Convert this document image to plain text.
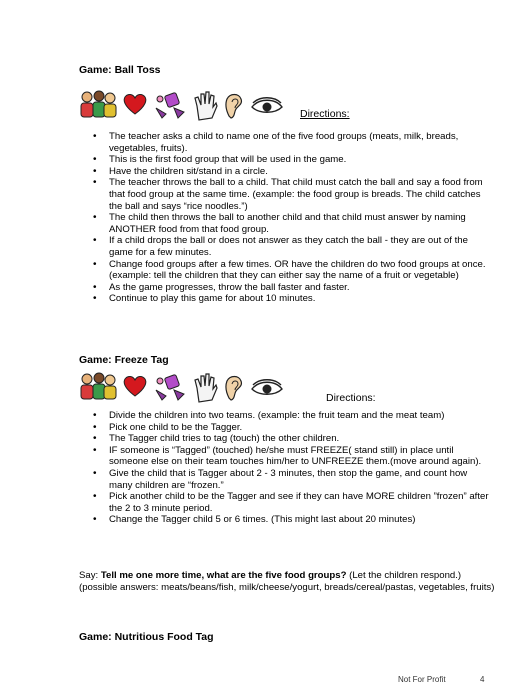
Game: Ball Toss
Directions:
• The teacher asks a child to name one of the five food groups (meats, milk, breads, vegetables, fruits).
• This is the first food group that will be used in the game.
• Have the children sit/stand in a circle.
• The teacher throws the ball to a child. That child must catch the ball and say a food from that food group at the same time. (example: the food group is breads. The child catches the ball and says “rice noodles.”)
• The child then throws the ball to another child and that child must answer by naming ANOTHER food from that food group.
• If a child drops the ball or does not answer as they catch the ball - they are out of the game for a few minutes.
• Change food groups after a few times. OR have the children do two food groups at once. (example: tell the children that they can either say the name of a fruit or vegetable)
• As the game progresses, throw the ball faster and faster.
• Continue to play this game for about 10 minutes.
Game: Freeze Tag
Directions:
• Divide the children into two teams. (example: the fruit team and the meat team)
• Pick one child to be the Tagger.
• The Tagger child tries to tag (touch) the other children.
• IF someone is “Tagged” (touched) he/she must FREEZE( stand still) in place until someone else on their team touches him/her to UNFREEZE them.(move around again).
• Give the child that is Tagger about 2 - 3 minutes, then stop the game, and count how many children are “frozen.”
• Pick another child to be the Tagger and see if they can have MORE children ”frozen” after the 2 to 3 minute period.
• Change the Tagger child 5 or 6 times. (This might last about 20 minutes)
Say: Tell me one more time, what are the five food groups? (Let the children respond.) (possible answers: meats/beans/fish, milk/cheese/yogurt, breads/cereal/pastas, vegetables, fruits)
Game: Nutritious Food Tag
Not For Profit	4
